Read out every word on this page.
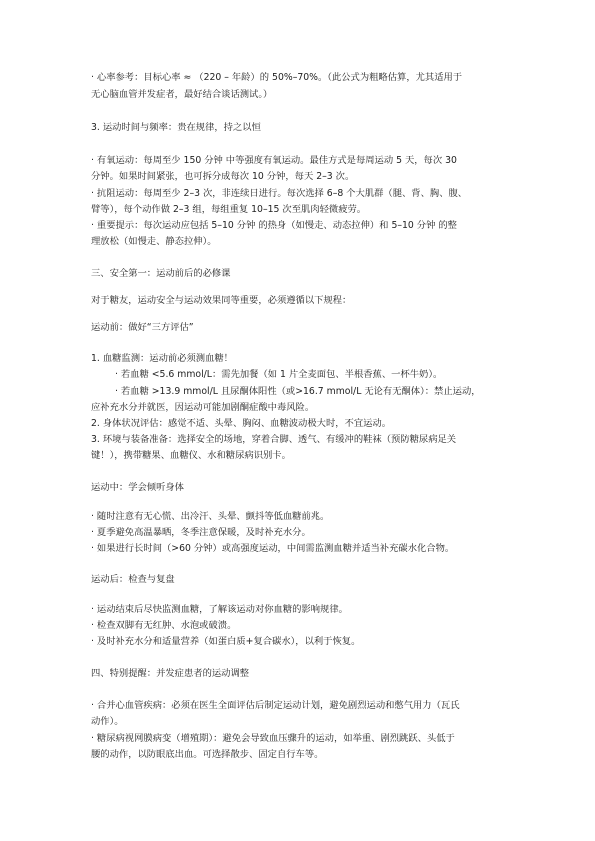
· 心率参考：目标心率 ≈ （220 – 年龄）的 50%–70%。（此公式为粗略估算，尤其适用于
无心脑血管并发症者，最好结合谈话测试。）
3. 运动时间与频率：贵在规律，持之以恒
· 有氧运动：每周至少 150 分钟 中等强度有氧运动。最佳方式是每周运动 5 天，每次 30
分钟。如果时间紧张，也可拆分成每次 10 分钟，每天 2–3 次。
· 抗阻运动：每周至少 2–3 次，非连续日进行。每次选择 6–8 个大肌群（腿、背、胸、腹、
臂等），每个动作做 2–3 组，每组重复 10–15 次至肌肉轻微疲劳。
· 重要提示：每次运动应包括 5–10 分钟 的热身（如慢走、动态拉伸）和 5–10 分钟 的整
理放松（如慢走、静态拉伸）。
三、安全第一：运动前后的必修课
对于糖友，运动安全与运动效果同等重要，必须遵循以下规程：
运动前：做好“三方评估”
1. 血糖监测：运动前必须测血糖！
· 若血糖 <5.6 mmol/L：需先加餐（如 1 片全麦面包、半根香蕉、一杯牛奶）。
· 若血糖 >13.9 mmol/L 且尿酮体阳性（或>16.7 mmol/L 无论有无酮体）：禁止运动，
应补充水分并就医，因运动可能加剧酮症酸中毒风险。
2. 身体状况评估：感觉不适、头晕、胸闷、血糖波动极大时，不宜运动。
3. 环境与装备准备：选择安全的场地，穿着合脚、透气、有缓冲的鞋袜（预防糖尿病足关
键！），携带糖果、血糖仪、水和糖尿病识别卡。
运动中：学会倾听身体
· 随时注意有无心慌、出冷汗、头晕、颤抖等低血糖前兆。
· 夏季避免高温暴晒，冬季注意保暖，及时补充水分。
· 如果进行长时间（>60 分钟）或高强度运动，中间需监测血糖并适当补充碳水化合物。
运动后：检查与复盘
· 运动结束后尽快监测血糖，了解该运动对你血糖的影响规律。
· 检查双脚有无红肿、水泡或破溃。
· 及时补充水分和适量营养（如蛋白质+复合碳水），以利于恢复。
四、特别提醒：并发症患者的运动调整
· 合并心血管疾病：必须在医生全面评估后制定运动计划，避免剧烈运动和憋气用力（瓦氏
动作）。
· 糖尿病视网膜病变（增殖期）：避免会导致血压骤升的运动，如举重、剧烈跳跃、头低于
腰的动作，以防眼底出血。可选择散步、固定自行车等。
